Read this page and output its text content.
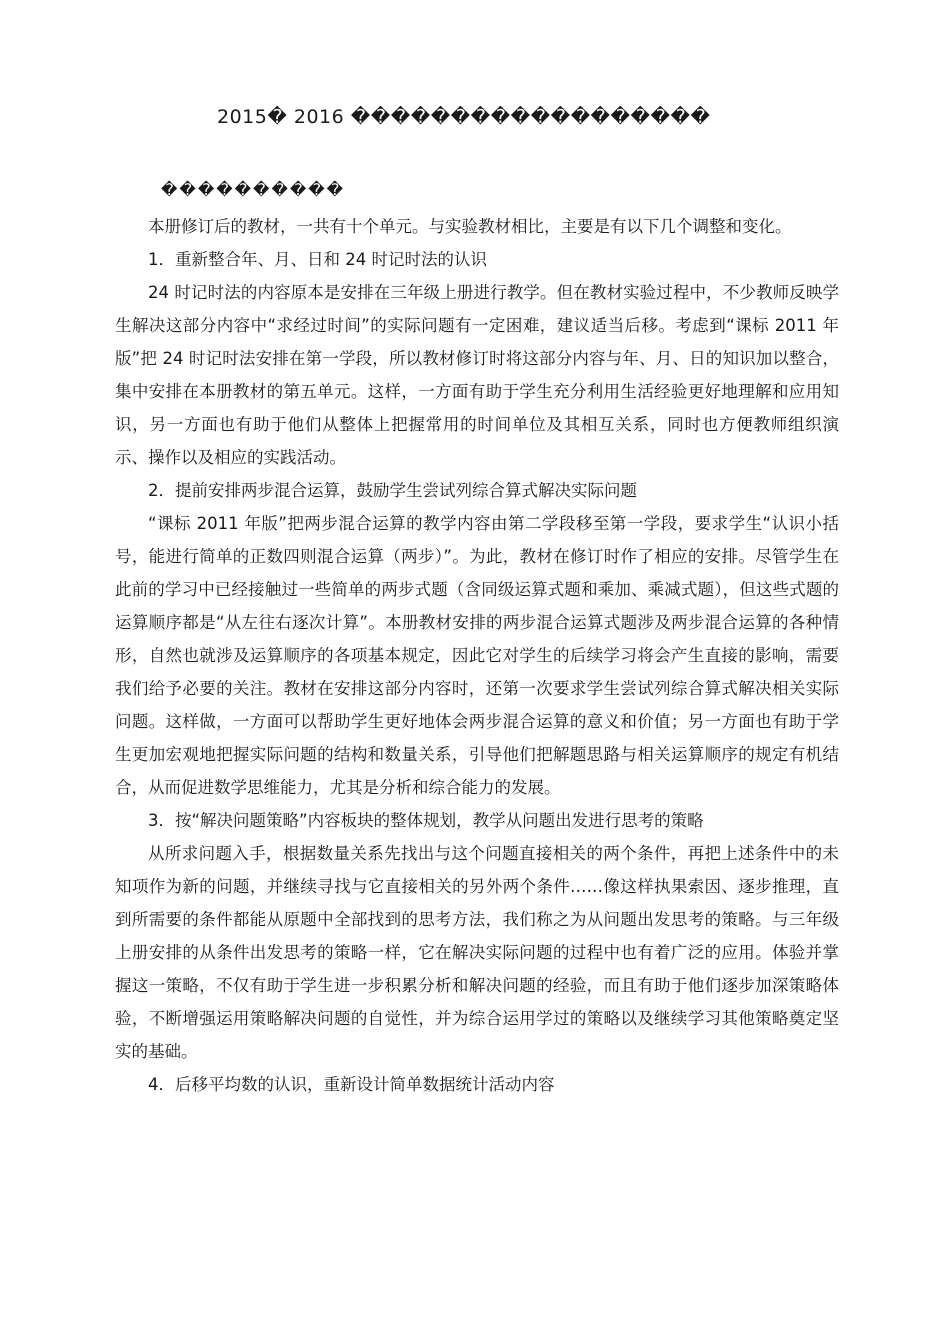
2015� 2016 ������������������
����������

本册修订后的教材，一共有十个单元。与实验教材相比，主要是有以下几个调整和变化。

1．重新整合年、月、日和 24 时记时法的认识

24 时记时法的内容原本是安排在三年级上册进行教学。但在教材实验过程中，不少教师反映学生解决这部分内容中“求经过时间”的实际问题有一定困难，建议适当后移。考虑到“课标 2011 年版”把 24 时记时法安排在第一学段，所以教材修订时将这部分内容与年、月、日的知识加以整合，集中安排在本册教材的第五单元。这样，一方面有助于学生充分利用生活经验更好地理解和应用知识，另一方面也有助于他们从整体上把握常用的时间单位及其相互关系，同时也方便教师组织演示、操作以及相应的实践活动。

2．提前安排两步混合运算，鼓励学生尝试列综合算式解决实际问题

“课标 2011 年版”把两步混合运算的教学内容由第二学段移至第一学段，要求学生“认识小括号，能进行简单的正数四则混合运算（两步）”。为此，教材在修订时作了相应的安排。尽管学生在此前的学习中已经接触过一些简单的两步式题（含同级运算式题和乘加、乘减式题），但这些式题的运算顺序都是“从左往右逐次计算”。本册教材安排的两步混合运算式题涉及两步混合运算的各种情形，自然也就涉及运算顺序的各项基本规定，因此它对学生的后续学习将会产生直接的影响，需要我们给予必要的关注。教材在安排这部分内容时，还第一次要求学生尝试列综合算式解决相关实际问题。这样做，一方面可以帮助学生更好地体会两步混合运算的意义和价值；另一方面也有助于学生更加宏观地把握实际问题的结构和数量关系，引导他们把解题思路与相关运算顺序的规定有机结合，从而促进数学思维能力，尤其是分析和综合能力的发展。

3．按“解决问题策略”内容板块的整体规划，教学从问题出发进行思考的策略

从所求问题入手，根据数量关系先找出与这个问题直接相关的两个条件，再把上述条件中的未知项作为新的问题，并继续寻找与它直接相关的另外两个条件……像这样执果索因、逐步推理，直到所需要的条件都能从原题中全部找到的思考方法，我们称之为从问题出发思考的策略。与三年级上册安排的从条件出发思考的策略一样，它在解决实际问题的过程中也有着广泛的应用。体验并掌握这一策略，不仅有助于学生进一步积累分析和解决问题的经验，而且有助于他们逐步加深策略体验，不断增强运用策略解决问题的自觉性，并为综合运用学过的策略以及继续学习其他策略奠定坚实的基础。

4．后移平均数的认识，重新设计简单数据统计活动内容
